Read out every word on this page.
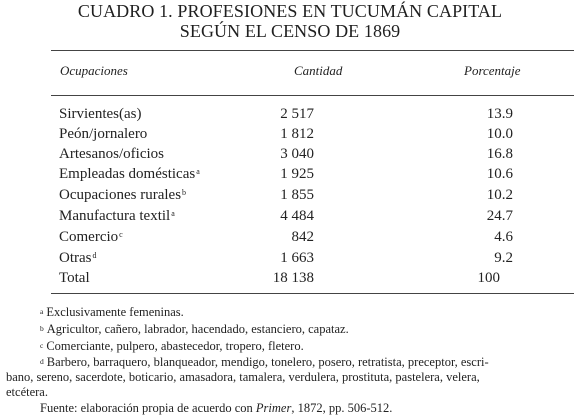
CUADRO 1. PROFESIONES EN TUCUMÁN CAPITAL
SEGÚN EL CENSO DE 1869
Ocupaciones	Cantidad	Porcentaje
Sirvientes(as)	2 517	13.9
Peón/jornalero	1 812	10.0
Artesanos/oficios	3 040	16.8
Empleadas domésticas$^a$	1 925	10.6
Ocupaciones rurales$^b$	1 855	10.2
Manufactura textil$^a$	4 484	24.7
Comercio$^c$	842	4.6
Otras$^d$	1 663	9.2
Total	18 138	100
$^a$ Exclusivamente femeninas.
$^b$ Agricultor, cañero, labrador, hacendado, estanciero, capataz.
$^c$ Comerciante, pulpero, abastecedor, tropero, fletero.
$^d$ Barbero, barraquero, blanqueador, mendigo, tonelero, posero, retratista, preceptor, escri-
bano, sereno, sacerdote, boticario, amasadora, tamalera, verdulera, prostituta, pastelera, velera,
etcétera.
Fuente: elaboración propia de acuerdo con Primer, 1872, pp. 506-512.
